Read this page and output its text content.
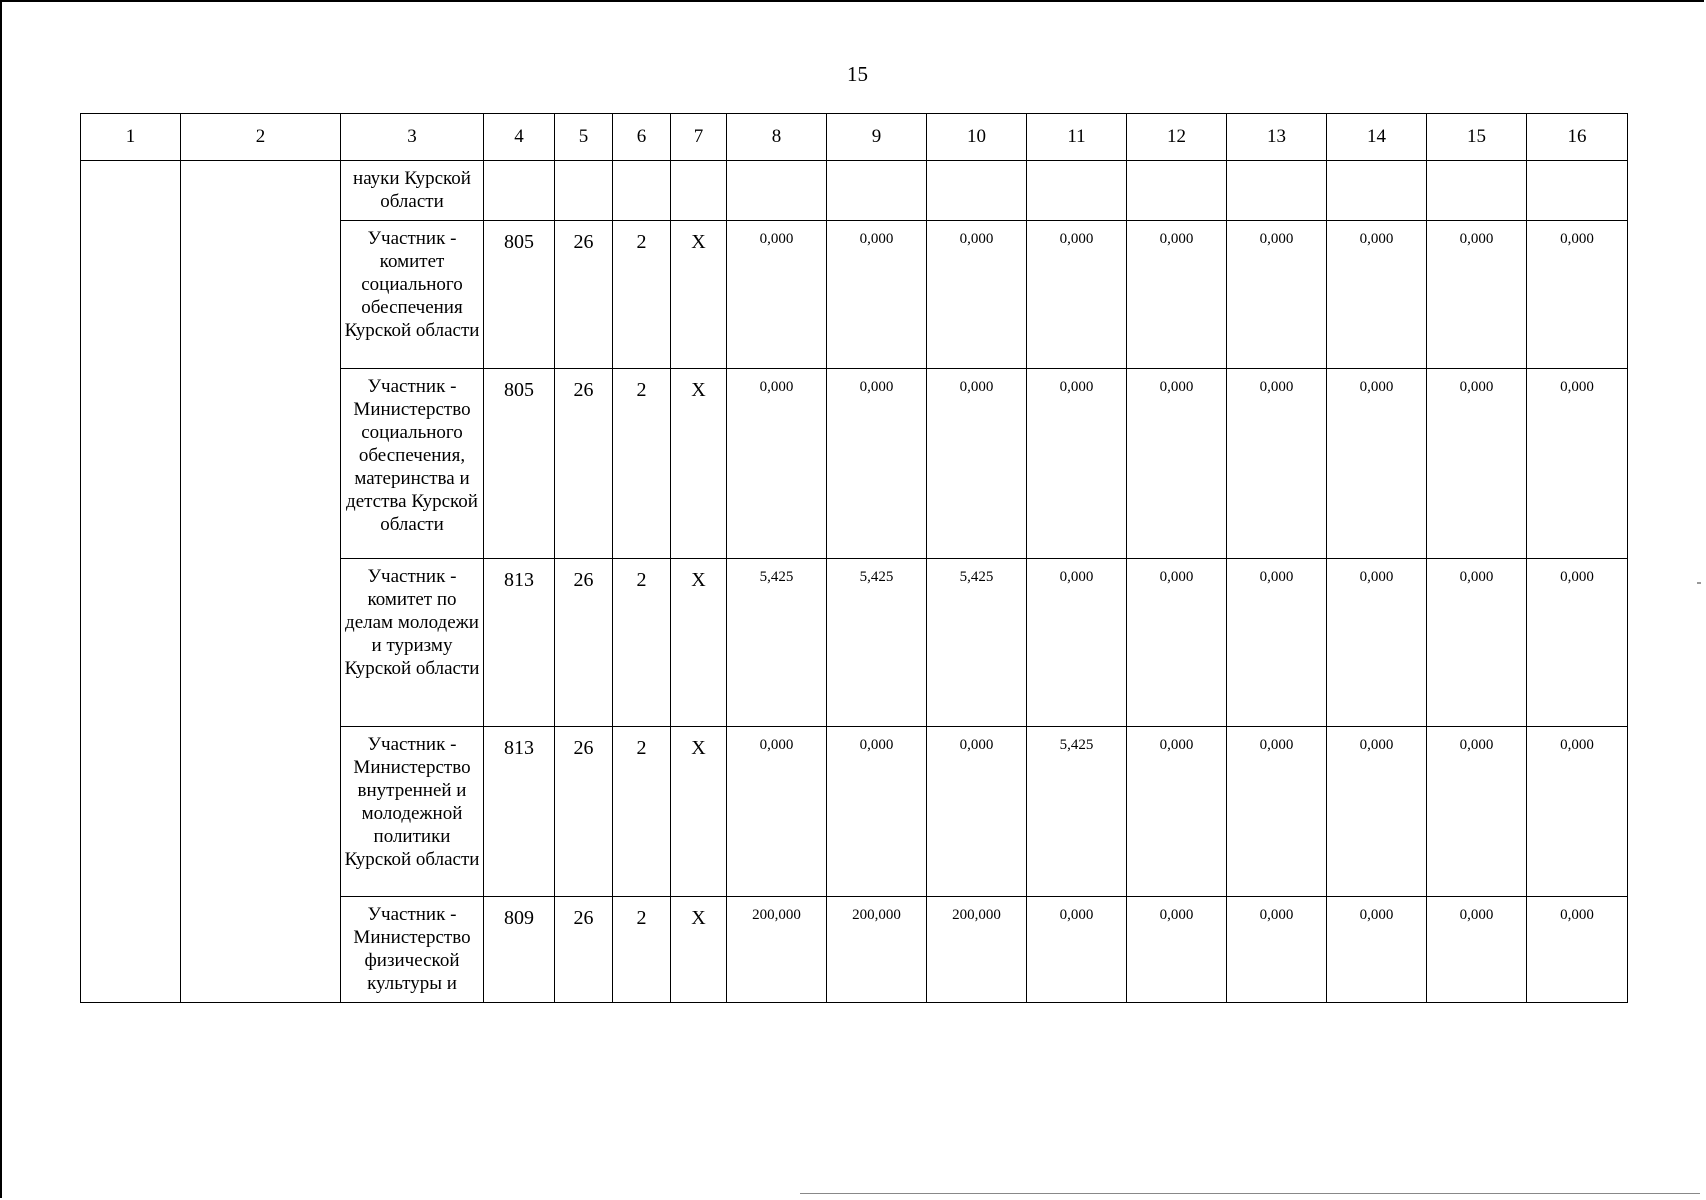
15
1	2	3	4	5	6	7	8	9	10	11	12	13	14	15	16
		науки Курской области													
		Участник - комитет социального обеспечения Курской области	805	26	2	Х	0,000	0,000	0,000	0,000	0,000	0,000	0,000	0,000	0,000
		Участник - Министерство социального обеспечения, материнства и детства Курской области	805	26	2	Х	0,000	0,000	0,000	0,000	0,000	0,000	0,000	0,000	0,000
		Участник - комитет по делам молодежи и туризму Курской области	813	26	2	Х	5,425	5,425	5,425	0,000	0,000	0,000	0,000	0,000	0,000
		Участник - Министерство внутренней и молодежной политики Курской области	813	26	2	Х	0,000	0,000	0,000	5,425	0,000	0,000	0,000	0,000	0,000
		Участник - Министерство физической культуры и	809	26	2	Х	200,000	200,000	200,000	0,000	0,000	0,000	0,000	0,000	0,000
